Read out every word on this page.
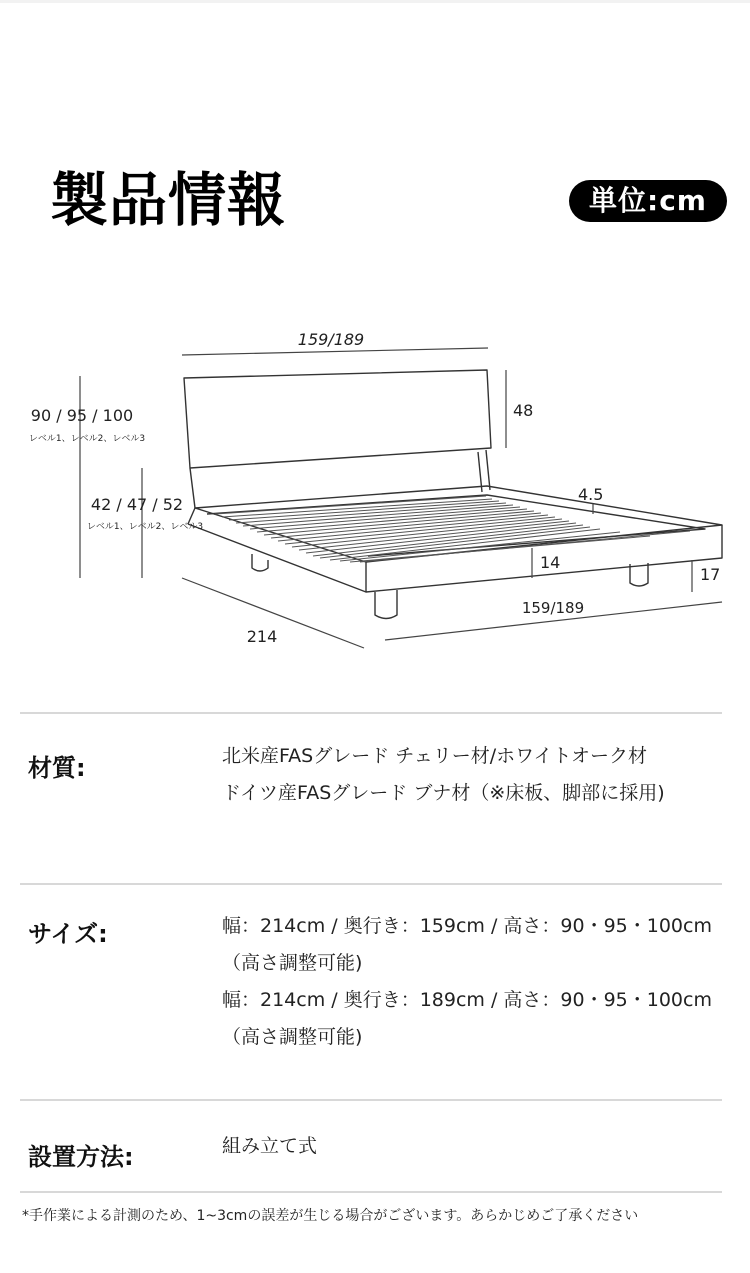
製品情報	単位:cm
159/189
48
90 / 95 / 100
レベル1、レベル2、レベル3
42 / 47 / 52
レベル1、レベル2、レベル3
4.5
14
17
159/189
214
材質:	北米産FASグレード チェリー材/ホワイトオーク材
ドイツ産FASグレード ブナ材（※床板、脚部に採用)
サイズ:	幅：214cm / 奥行き：159cm / 高さ：90・95・100cm
（高さ調整可能)
幅：214cm / 奥行き：189cm / 高さ：90・95・100cm
（高さ調整可能)
設置方法:	組み立て式
*手作業による計測のため、1~3cmの誤差が生じる場合がございます。あらかじめご了承ください
